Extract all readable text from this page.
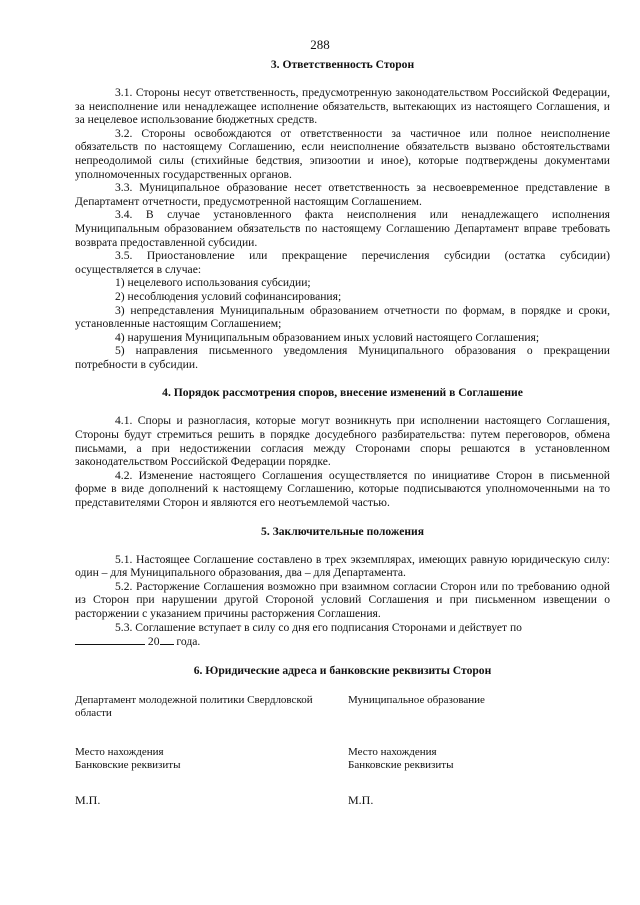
288
3. Ответственность Сторон

3.1. Стороны несут ответственность, предусмотренную законодательством Российской Федерации, за неисполнение или ненадлежащее исполнение обязательств, вытекающих из настоящего Соглашения, и за нецелевое использование бюджетных средств.

3.2. Стороны освобождаются от ответственности за частичное или полное неисполнение обязательств по настоящему Соглашению, если неисполнение обязательств вызвано обстоятельствами непреодолимой силы (стихийные бедствия, эпизоотии и иное), которые подтверждены документами уполномоченных государственных органов.

3.3. Муниципальное образование несет ответственность за несвоевременное представление в Департамент отчетности, предусмотренной настоящим Соглашением.

3.4. В случае установленного факта неисполнения или ненадлежащего исполнения Муниципальным образованием обязательств по настоящему Соглашению Департамент вправе требовать возврата предоставленной субсидии.

3.5. Приостановление или прекращение перечисления субсидии (остатка субсидии) осуществляется в случае:

1) нецелевого использования субсидии;

2) несоблюдения условий софинансирования;

3) непредставления Муниципальным образованием отчетности по формам, в порядке и сроки, установленные настоящим Соглашением;

4) нарушения Муниципальным образованием иных условий настоящего Соглашения;

5) направления письменного уведомления Муниципального образования о прекращении потребности в субсидии.

4. Порядок рассмотрения споров, внесение изменений в Соглашение

4.1. Споры и разногласия, которые могут возникнуть при исполнении настоящего Соглашения, Стороны будут стремиться решить в порядке досудебного разбирательства: путем переговоров, обмена письмами, а при недостижении согласия между Сторонами споры решаются в установленном законодательством Российской Федерации порядке.

4.2. Изменение настоящего Соглашения осуществляется по инициативе Сторон в письменной форме в виде дополнений к настоящему Соглашению, которые подписываются уполномоченными на то представителями Сторон и являются его неотъемлемой частью.

5. Заключительные положения

5.1. Настоящее Соглашение составлено в трех экземплярах, имеющих равную юридическую силу: один – для Муниципального образования, два – для Департамента.

5.2. Расторжение Соглашения возможно при взаимном согласии Сторон или по требованию одной из Сторон при нарушении другой Стороной условий Соглашения и при письменном извещении о расторжении с указанием причины расторжения Соглашения.

5.3. Соглашение вступает в силу со дня его подписания Сторонами и действует по
20 года.

6. Юридические адреса и банковские реквизиты Сторон
Департамент молодежной политики Свердловской области
Место нахождения
Банковские реквизиты
М.П.
Муниципальное образование
Место нахождения
Банковские реквизиты
М.П.
